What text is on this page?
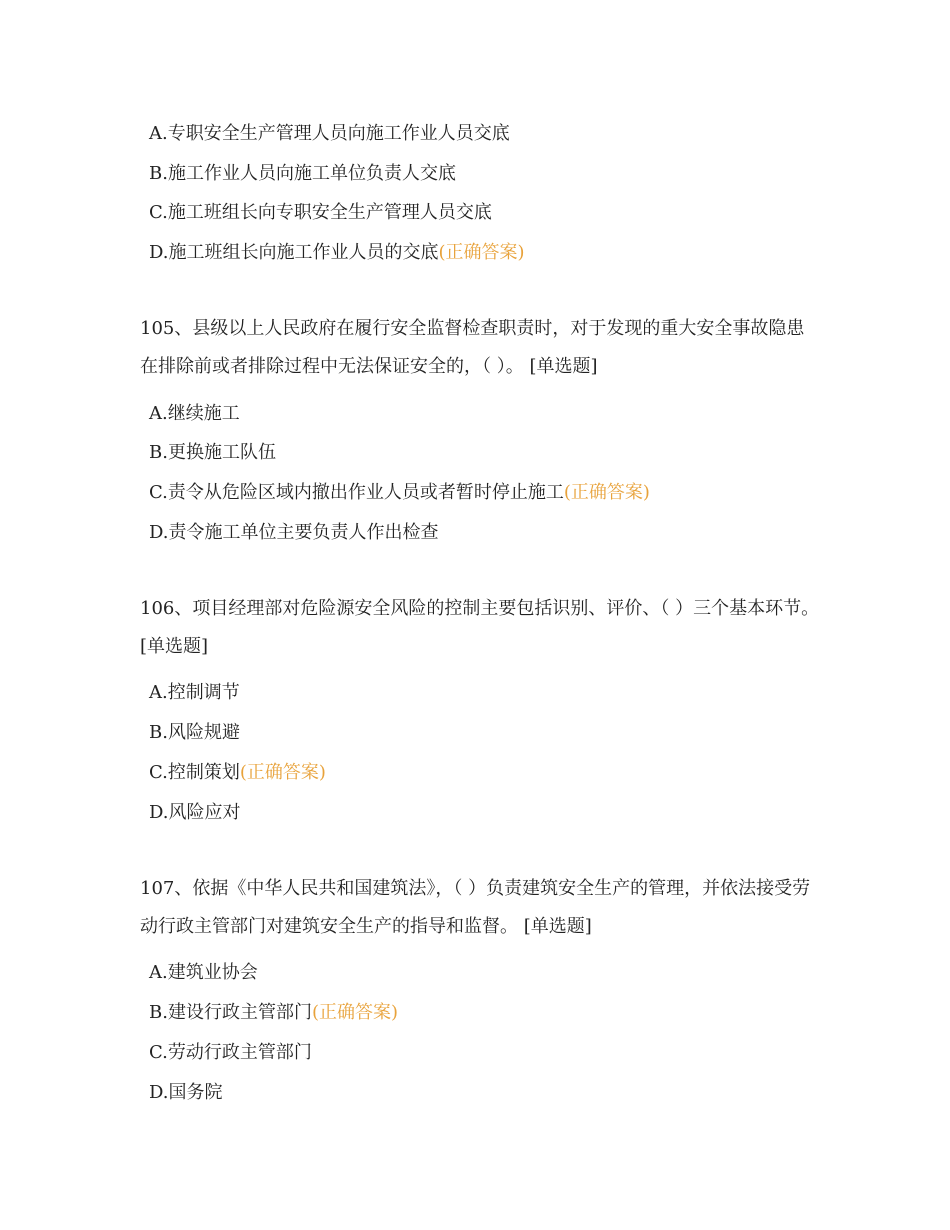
A.专职安全生产管理人员向施工作业人员交底
B.施工作业人员向施工单位负责人交底
C.施工班组长向专职安全生产管理人员交底
D.施工班组长向施工作业人员的交底(正确答案)
105、县级以上人民政府在履行安全监督检查职责时，对于发现的重大安全事故隐患在排除前或者排除过程中无法保证安全的，（ ）。 [单选题]
A.继续施工
B.更换施工队伍
C.责令从危险区域内撤出作业人员或者暂时停止施工(正确答案)
D.责令施工单位主要负责人作出检查
106、项目经理部对危险源安全风险的控制主要包括识别、评价、（ ）三个基本环节。 [单选题]
A.控制调节
B.风险规避
C.控制策划(正确答案)
D.风险应对
107、依据《中华人民共和国建筑法》，（ ）负责建筑安全生产的管理，并依法接受劳动行政主管部门对建筑安全生产的指导和监督。 [单选题]
A.建筑业协会
B.建设行政主管部门(正确答案)
C.劳动行政主管部门
D.国务院
